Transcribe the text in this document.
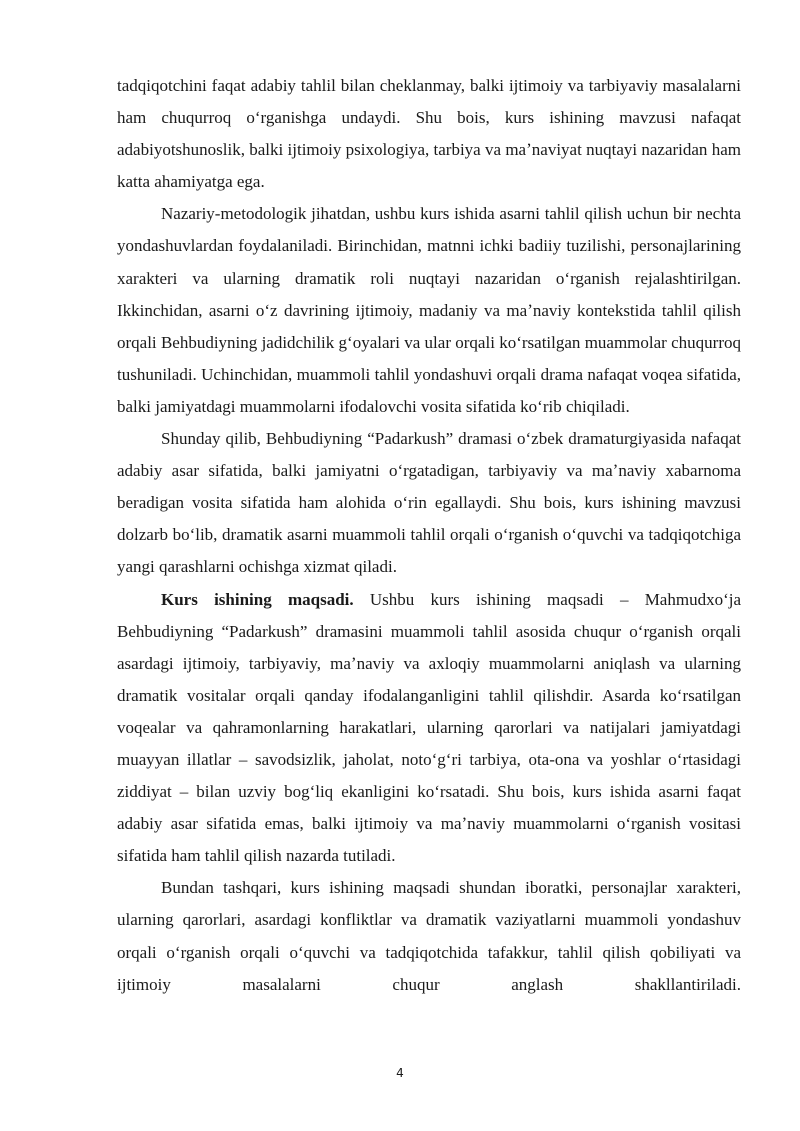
tadqiqotchini faqat adabiy tahlil bilan cheklanmay, balki ijtimoiy va tarbiyaviy masalalarni ham chuqurroq oʻrganishga undaydi. Shu bois, kurs ishining mavzusi nafaqat adabiyotshunoslik, balki ijtimoiy psixologiya, tarbiya va maʼnaviyat nuqtayi nazaridan ham katta ahamiyatga ega.

Nazariy-metodologik jihatdan, ushbu kurs ishida asarni tahlil qilish uchun bir nechta yondashuvlardan foydalaniladi. Birinchidan, matnni ichki badiiy tuzilishi, personajlarining xarakteri va ularning dramatik roli nuqtayi nazaridan oʻrganish rejalashtirilgan. Ikkinchidan, asarni oʻz davrining ijtimoiy, madaniy va maʼnaviy kontekstida tahlil qilish orqali Behbudiyning jadidchilik gʻoyalari va ular orqali koʻrsatilgan muammolar chuqurroq tushuniladi. Uchinchidan, muammoli tahlil yondashuvi orqali drama nafaqat voqea sifatida, balki jamiyatdagi muammolarni ifodalovchi vosita sifatida koʻrib chiqiladi.

Shunday qilib, Behbudiyning “Padarkush” dramasi oʻzbek dramaturgiyasida nafaqat adabiy asar sifatida, balki jamiyatni oʻrgatadigan, tarbiyaviy va maʼnaviy xabarnoma beradigan vosita sifatida ham alohida oʻrin egallaydi. Shu bois, kurs ishining mavzusi dolzarb boʻlib, dramatik asarni muammoli tahlil orqali oʻrganish oʻquvchi va tadqiqotchiga yangi qarashlarni ochishga xizmat qiladi.

Kurs ishining maqsadi. Ushbu kurs ishining maqsadi – Mahmudxoʻja Behbudiyning “Padarkush” dramasini muammoli tahlil asosida chuqur oʻrganish orqali asardagi ijtimoiy, tarbiyaviy, maʼnaviy va axloqiy muammolarni aniqlash va ularning dramatik vositalar orqali qanday ifodalanganligini tahlil qilishdir. Asarda koʻrsatilgan voqealar va qahramonlarning harakatlari, ularning qarorlari va natijalari jamiyatdagi muayyan illatlar – savodsizlik, jaholat, notoʻgʻri tarbiya, ota-ona va yoshlar oʻrtasidagi ziddiyat – bilan uzviy bogʻliq ekanligini koʻrsatadi. Shu bois, kurs ishida asarni faqat adabiy asar sifatida emas, balki ijtimoiy va maʼnaviy muammolarni oʻrganish vositasi sifatida ham tahlil qilish nazarda tutiladi.

Bundan tashqari, kurs ishining maqsadi shundan iboratki, personajlar xarakteri, ularning qarorlari, asardagi konfliktlar va dramatik vaziyatlarni muammoli yondashuv orqali oʻrganish orqali oʻquvchi va tadqiqotchida tafakkur, tahlil qilish qobiliyati va ijtimoiy masalalarni chuqur anglash shakllantiriladi.

4
